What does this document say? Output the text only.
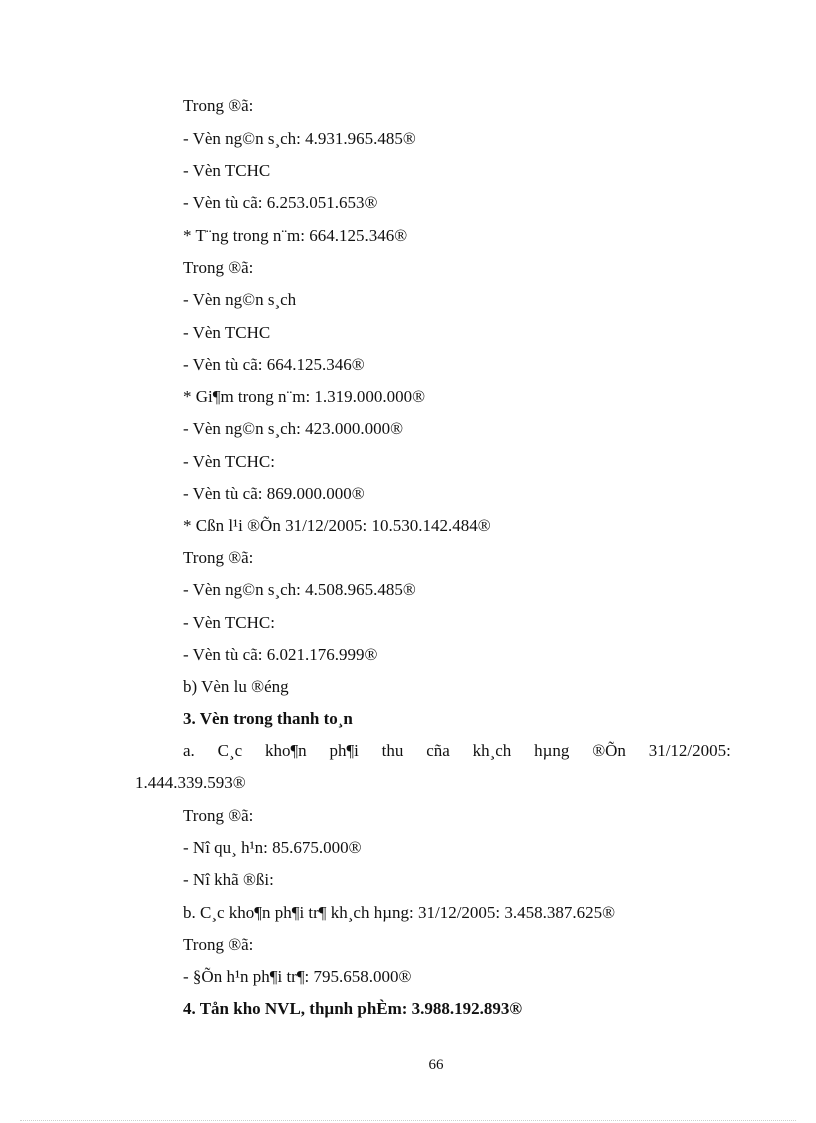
Trong ®ã:
- Vèn ng©n s¸ch: 4.931.965.485®
- Vèn TCHC
- Vèn tù cã: 6.253.051.653®
* T¨ng trong n¨m: 664.125.346®
Trong ®ã:
- Vèn ng©n s¸ch
- Vèn TCHC
- Vèn tù cã: 664.125.346®
* Gi¶m trong n¨m: 1.319.000.000®
- Vèn ng©n s¸ch: 423.000.000®
- Vèn TCHC:
- Vèn tù cã: 869.000.000®
* Cßn l¹i ®Õn 31/12/2005: 10.530.142.484®
Trong ®ã:
- Vèn ng©n s¸ch: 4.508.965.485®
- Vèn TCHC:
- Vèn tù cã: 6.021.176.999®
b) Vèn lu ®éng
3. Vèn trong thanh to¸n
a. C¸c kho¶n ph¶i thu cña kh¸ch hµng ®Õn 31/12/2005:
1.444.339.593®
Trong ®ã:
- Nî qu¸ h¹n: 85.675.000®
- Nî khã ®ßi:
b. C¸c kho¶n ph¶i tr¶ kh¸ch hµng: 31/12/2005: 3.458.387.625®
Trong ®ã:
- §Õn h¹n ph¶i tr¶: 795.658.000®
4. Tån kho NVL, thµnh phÈm: 3.988.192.893®
66
